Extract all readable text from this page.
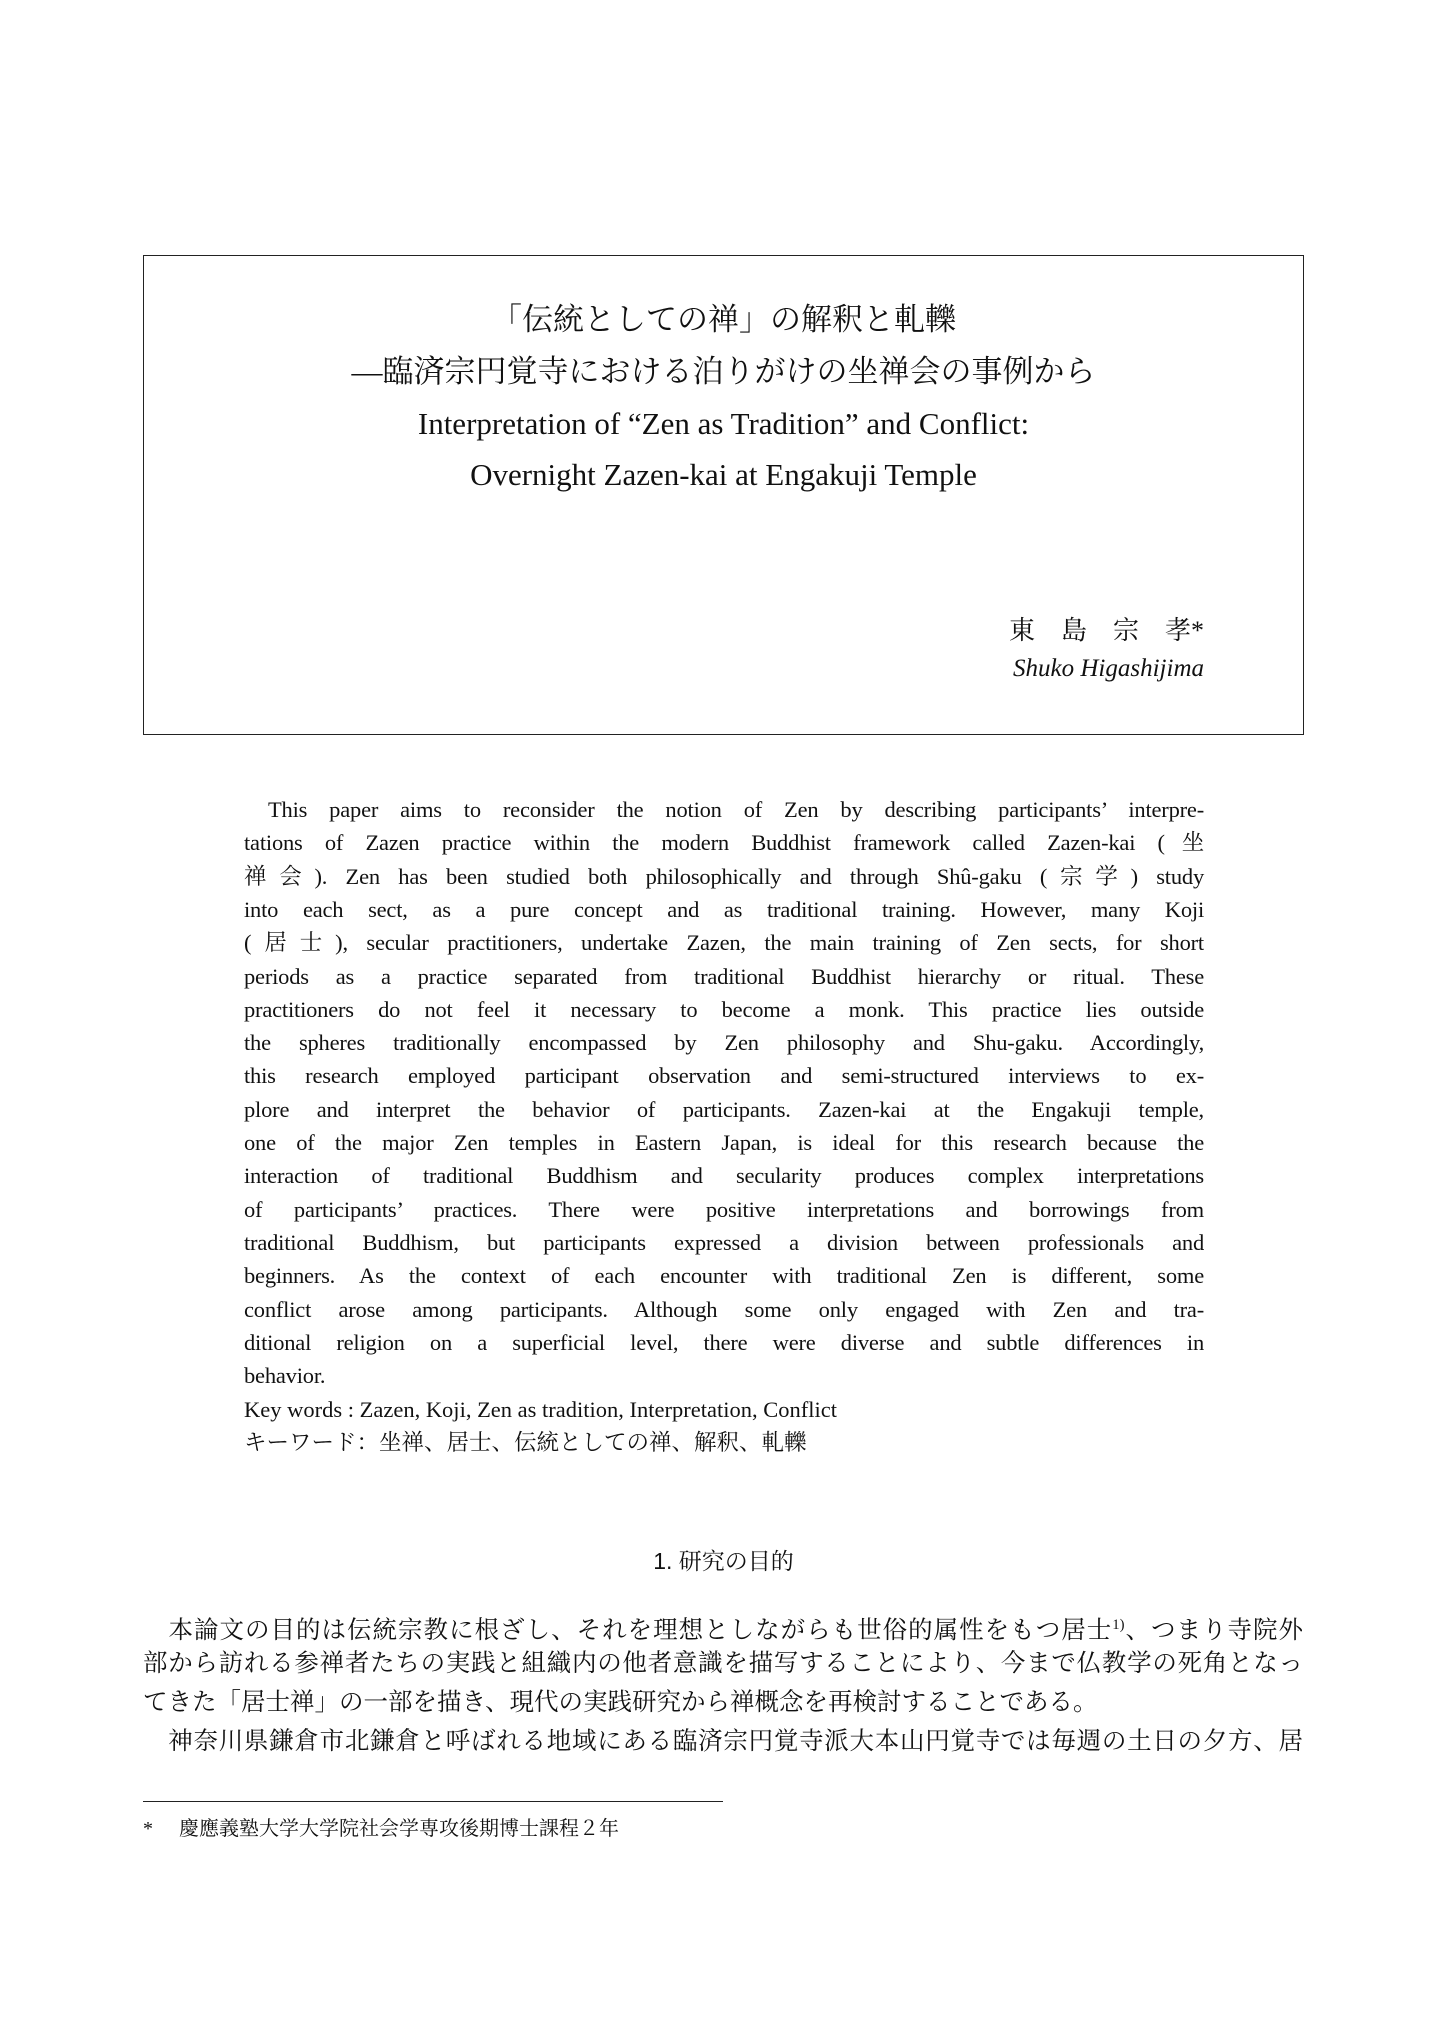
「伝統としての禅」の解釈と軋轢
―臨済宗円覚寺における泊りがけの坐禅会の事例から
Interpretation of “Zen as Tradition” and Conflict:
Overnight Zazen-kai at Engakuji Temple
東　島　宗　孝*
Shuko Higashijima
This paper aims to reconsider the notion of Zen by describing participants’ interpre-
tations of Zazen practice within the modern Buddhist framework called Zazen-kai (坐
禅会). Zen has been studied both philosophically and through Shû-gaku (宗学) study
into each sect, as a pure concept and as traditional training. However, many Koji
(居士), secular practitioners, undertake Zazen, the main training of Zen sects, for short
periods as a practice separated from traditional Buddhist hierarchy or ritual. These
practitioners do not feel it necessary to become a monk. This practice lies outside
the spheres traditionally encompassed by Zen philosophy and Shu-gaku. Accordingly,
this research employed participant observation and semi-structured interviews to ex-
plore and interpret the behavior of participants. Zazen-kai at the Engakuji temple,
one of the major Zen temples in Eastern Japan, is ideal for this research because the
interaction of traditional Buddhism and secularity produces complex interpretations
of participants’ practices. There were positive interpretations and borrowings from
traditional Buddhism, but participants expressed a division between professionals and
beginners. As the context of each encounter with traditional Zen is different, some
conflict arose among participants. Although some only engaged with Zen and tra-
ditional religion on a superficial level, there were diverse and subtle differences in
behavior.
Key words : Zazen, Koji, Zen as tradition, Interpretation, Conflict
キーワード：坐禅、居士、伝統としての禅、解釈、軋轢
1. 研究の目的
　本論文の目的は伝統宗教に根ざし、それを理想としながらも世俗的属性をもつ居士$^{1)}$、つまり寺院外
部から訪れる参禅者たちの実践と組織内の他者意識を描写することにより、今まで仏教学の死角となっ
てきた「居士禅」の一部を描き、現代の実践研究から禅概念を再検討することである。
　神奈川県鎌倉市北鎌倉と呼ばれる地域にある臨済宗円覚寺派大本山円覚寺では毎週の土日の夕方、居
* 慶應義塾大学大学院社会学専攻後期博士課程２年
